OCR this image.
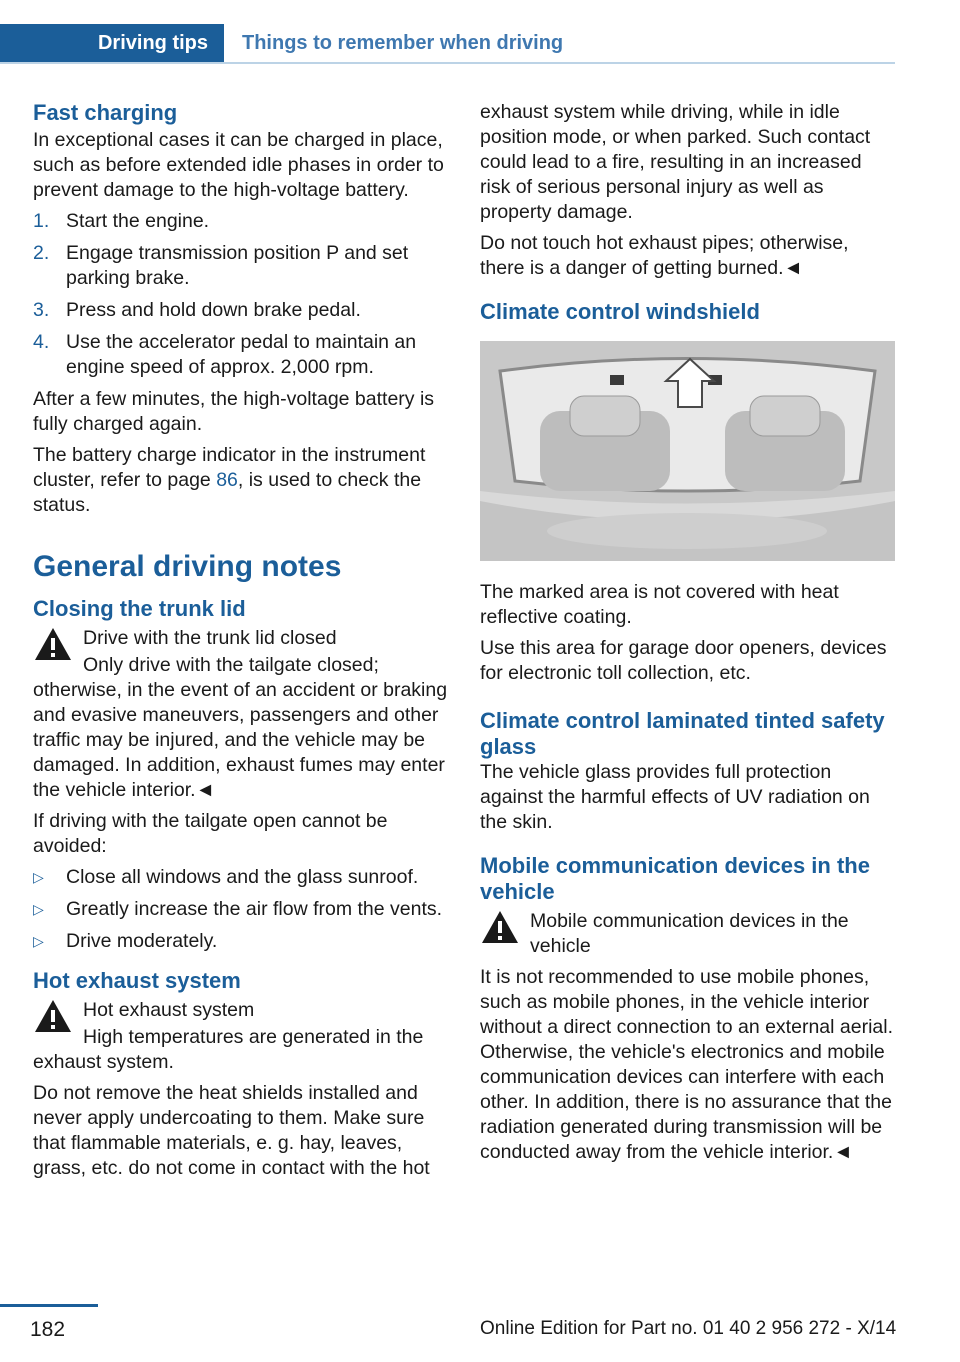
Driving tips	Things to remember when driving
Fast charging

In exceptional cases it can be charged in place, such as before extended idle phases in order to prevent damage to the high-voltage battery.

1. Start the engine.
2. Engage transmission position P and set parking brake.
3. Press and hold down brake pedal.
4. Use the accelerator pedal to maintain an engine speed of approx. 2,000 rpm.

After a few minutes, the high-voltage battery is fully charged again.

The battery charge indicator in the instrument cluster, refer to page 86, is used to check the status.

General driving notes
Closing the trunk lid
Drive with the trunk lid closed
Only drive with the tailgate closed; otherwise, in the event of an accident or braking and evasive maneuvers, passengers and other traffic may be injured, and the vehicle may be damaged. In addition, exhaust fumes may enter the vehicle interior.◄

If driving with the tailgate open cannot be avoided:

▷ Close all windows and the glass sunroof.
▷ Greatly increase the air flow from the vents.
▷ Drive moderately.
Hot exhaust system
Hot exhaust system
High temperatures are generated in the exhaust system.

Do not remove the heat shields installed and never apply undercoating to them. Make sure that flammable materials, e. g. hay, leaves, grass, etc. do not come in contact with the hot

exhaust system while driving, while in idle position mode, or when parked. Such contact could lead to a fire, resulting in an increased risk of serious personal injury as well as property damage.

Do not touch hot exhaust pipes; otherwise, there is a danger of getting burned.◄

Climate control windshield

The marked area is not covered with heat reflective coating.

Use this area for garage door openers, devices for electronic toll collection, etc.

Climate control laminated tinted safety glass

The vehicle glass provides full protection against the harmful effects of UV radiation on the skin.

Mobile communication devices in the vehicle
Mobile communication devices in the vehicle

It is not recommended to use mobile phones, such as mobile phones, in the vehicle interior without a direct connection to an external aerial. Otherwise, the vehicle's electronics and mobile communication devices can interfere with each other. In addition, there is no assurance that the radiation generated during transmission will be conducted away from the vehicle interior.◄

182	Online Edition for Part no. 01 40 2 956 272 - X/14
